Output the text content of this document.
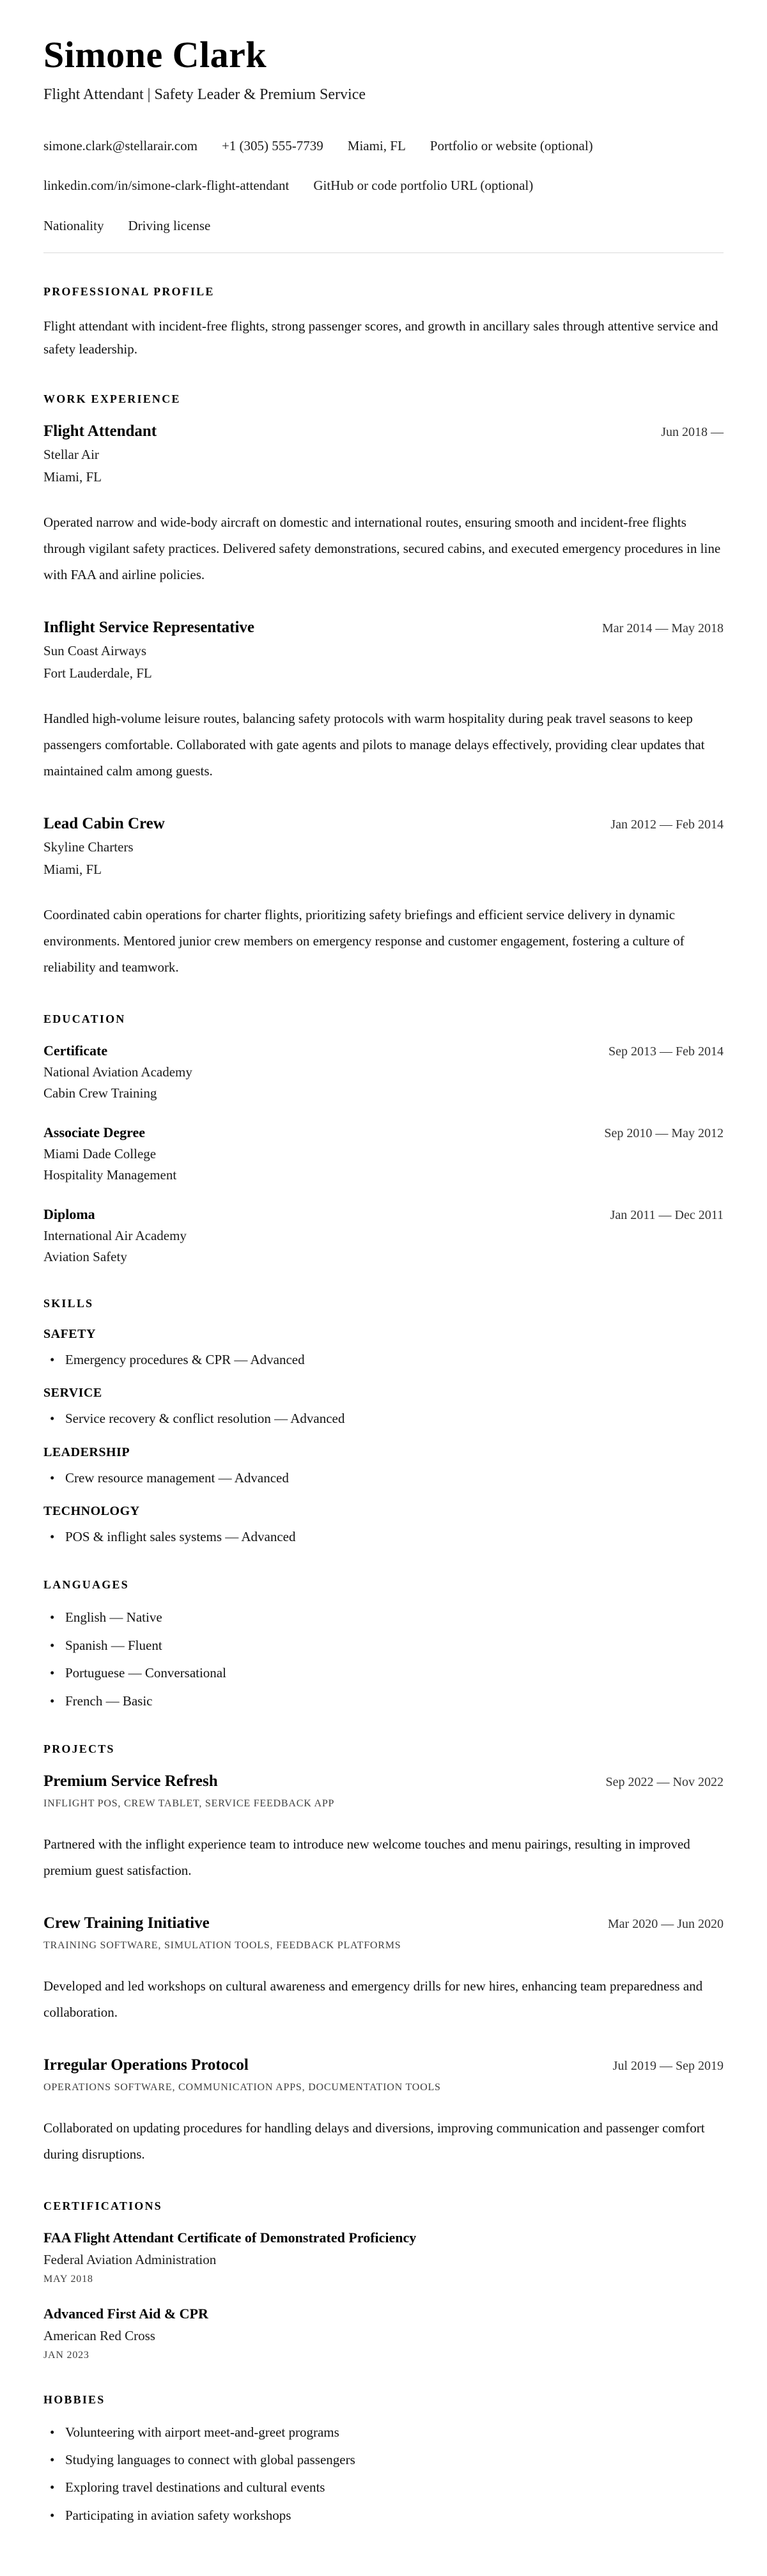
Simone Clark

Flight Attendant | Safety Leader & Premium Service

simone.clark@stellarair.com +1 (305) 555-7739 Miami, FL Portfolio or website (optional)
linkedin.com/in/simone-clark-flight-attendant GitHub or code portfolio URL (optional)
Nationality Driving license
PROFESSIONAL PROFILE

Flight attendant with incident-free flights, strong passenger scores, and growth in ancillary sales through attentive service and safety leadership.

WORK EXPERIENCE
Flight Attendant	Jun 2018 —

Stellar Air

Miami, FL

Operated narrow and wide-body aircraft on domestic and international routes, ensuring smooth and incident-free flights through vigilant safety practices. Delivered safety demonstrations, secured cabins, and executed emergency procedures in line with FAA and airline policies.

Inflight Service Representative	Mar 2014 — May 2018

Sun Coast Airways

Fort Lauderdale, FL

Handled high-volume leisure routes, balancing safety protocols with warm hospitality during peak travel seasons to keep passengers comfortable. Collaborated with gate agents and pilots to manage delays effectively, providing clear updates that maintained calm among guests.

Lead Cabin Crew	Jan 2012 — Feb 2014

Skyline Charters

Miami, FL

Coordinated cabin operations for charter flights, prioritizing safety briefings and efficient service delivery in dynamic environments. Mentored junior crew members on emergency response and customer engagement, fostering a culture of reliability and teamwork.

EDUCATION
Certificate	Sep 2013 — Feb 2014

National Aviation Academy

Cabin Crew Training

Associate Degree	Sep 2010 — May 2012

Miami Dade College

Hospitality Management

Diploma	Jan 2011 — Dec 2011

International Air Academy

Aviation Safety

SKILLS
SAFETY
• Emergency procedures & CPR — Advanced
SERVICE
• Service recovery & conflict resolution — Advanced
LEADERSHIP
• Crew resource management — Advanced
TECHNOLOGY
• POS & inflight sales systems — Advanced
LANGUAGES
• English — Native
• Spanish — Fluent
• Portuguese — Conversational
• French — Basic
PROJECTS
Premium Service Refresh	Sep 2022 — Nov 2022

INFLIGHT POS, CREW TABLET, SERVICE FEEDBACK APP

Partnered with the inflight experience team to introduce new welcome touches and menu pairings, resulting in improved premium guest satisfaction.

Crew Training Initiative	Mar 2020 — Jun 2020

TRAINING SOFTWARE, SIMULATION TOOLS, FEEDBACK PLATFORMS

Developed and led workshops on cultural awareness and emergency drills for new hires, enhancing team preparedness and collaboration.

Irregular Operations Protocol	Jul 2019 — Sep 2019

OPERATIONS SOFTWARE, COMMUNICATION APPS, DOCUMENTATION TOOLS

Collaborated on updating procedures for handling delays and diversions, improving communication and passenger comfort during disruptions.

CERTIFICATIONS
FAA Flight Attendant Certificate of Demonstrated Proficiency

Federal Aviation Administration

MAY 2018

Advanced First Aid & CPR

American Red Cross

JAN 2023

HOBBIES
• Volunteering with airport meet-and-greet programs
• Studying languages to connect with global passengers
• Exploring travel destinations and cultural events
• Participating in aviation safety workshops
